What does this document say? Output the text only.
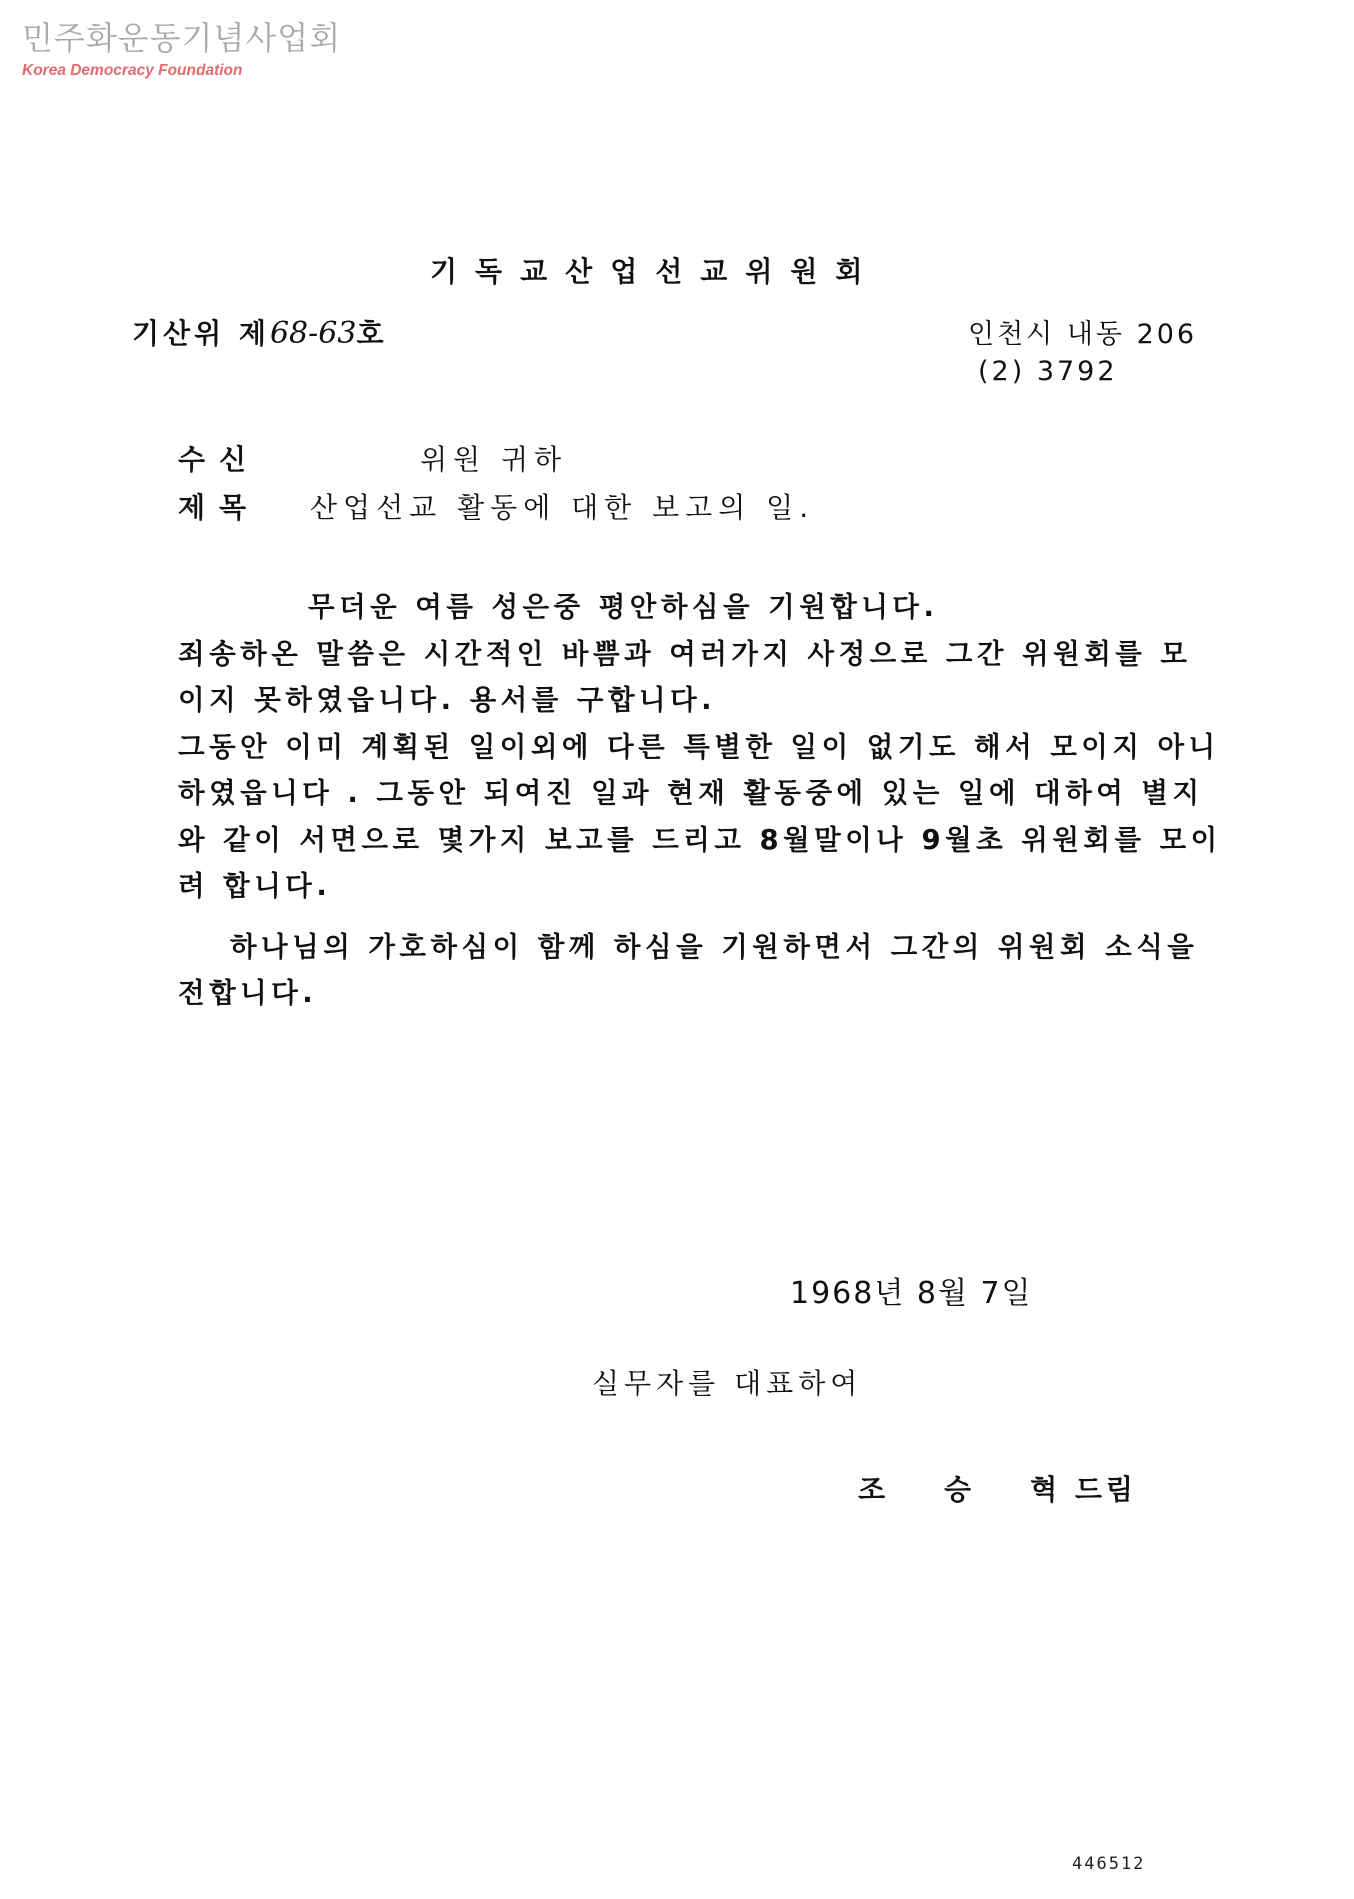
민주화운동기념사업회
Korea Democracy Foundation
기독교산업선교위원회
기산위 제68-63호	인천시 내동 206
(2) 3792
수신	위원 귀하
제목 산업선교 활동에 대한 보고의 일.

무더운 여름 성은중 평안하심을 기원합니다.

죄송하온 말씀은 시간적인 바쁨과 여러가지 사정으로 그간 위원회를 모

이지 못하였읍니다. 용서를 구합니다.

그동안 이미 계획된 일이외에 다른 특별한 일이 없기도 해서 모이지 아니

하였읍니다 . 그동안 되여진 일과 현재 활동중에 있는 일에 대하여 별지

와 같이 서면으로 몇가지 보고를 드리고 8월말이나 9월초 위원회를 모이

려 합니다.

하나님의 가호하심이 함께 하심을 기원하면서 그간의 위원회 소식을

전합니다.

1968년 8월 7일
실무자를 대표하여
조    승    혁 드림
446512
